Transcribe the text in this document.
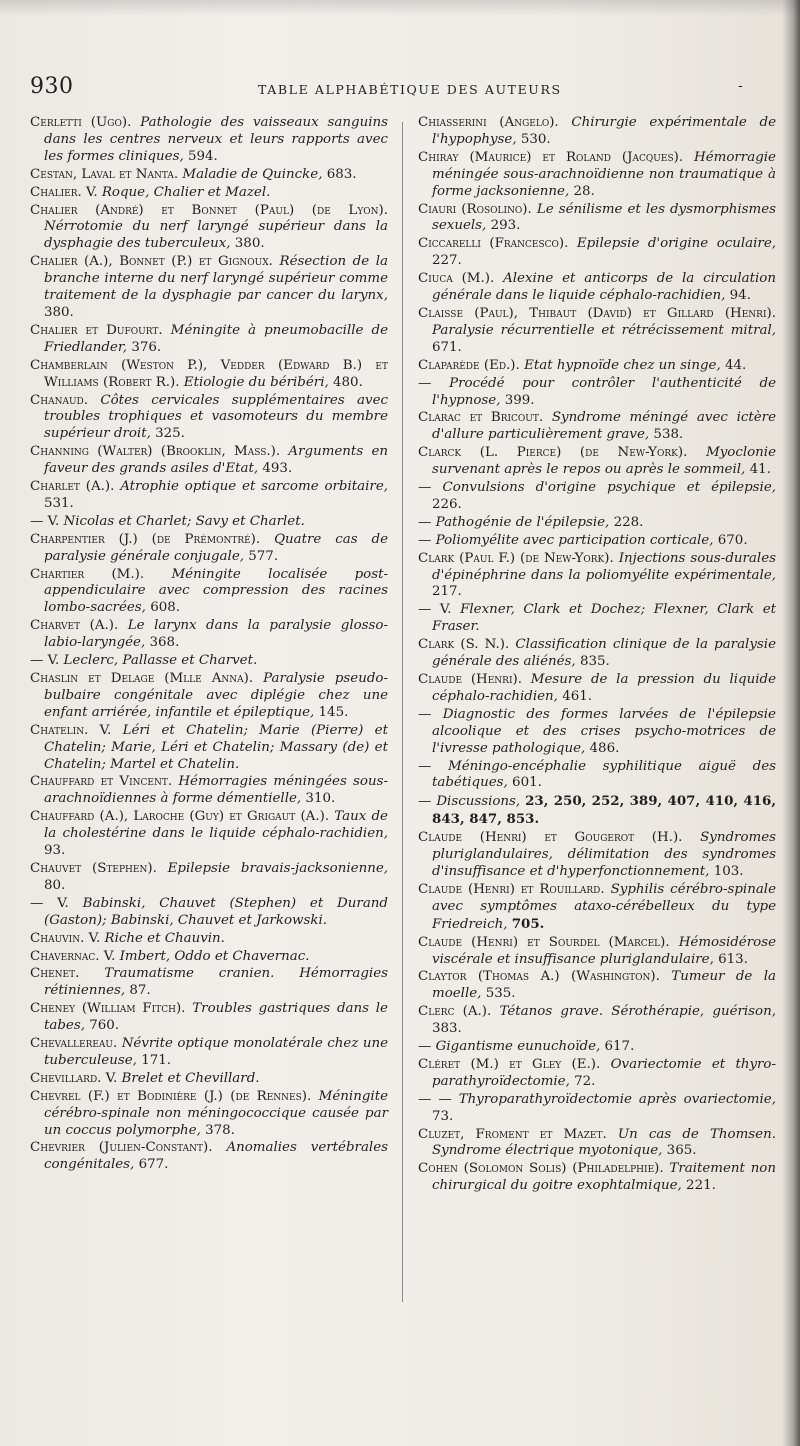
930	TABLE ALPHABÉTIQUE DES AUTEURS	-

Cerletti (Ugo). Pathologie des vaisseaux sanguins dans les centres nerveux et leurs rapports avec les formes cliniques, 594.

Cestan, Laval et Nanta. Maladie de Quincke, 683.

Chalier. V. Roque, Chalier et Mazel.

Chalier (André) et Bonnet (Paul) (de Lyon). Nérrotomie du nerf laryngé supérieur dans la dysphagie des tuberculeux, 380.

Chalier (A.), Bonnet (P.) et Gignoux. Résection de la branche interne du nerf laryngé supérieur comme traitement de la dysphagie par cancer du larynx, 380.

Chalier et Dufourt. Méningite à pneumobacille de Friedlander, 376.

Chamberlain (Weston P.), Vedder (Edward B.) et Williams (Robert R.). Etiologie du béribéri, 480.

Chanaud. Côtes cervicales supplémentaires avec troubles trophiques et vasomoteurs du membre supérieur droit, 325.

Channing (Walter) (Brooklin, Mass.). Arguments en faveur des grands asiles d'Etat, 493.

Charlet (A.). Atrophie optique et sarcome orbitaire, 531.

— V. Nicolas et Charlet; Savy et Charlet.

Charpentier (J.) (de Prémontré). Quatre cas de paralysie générale conjugale, 577.

Chartier (M.). Méningite localisée post-appendiculaire avec compression des racines lombo-sacrées, 608.

Charvet (A.). Le larynx dans la paralysie glosso-labio-laryngée, 368.

— V. Leclerc, Pallasse et Charvet.

Chaslin et Delage (Mlle Anna). Paralysie pseudo-bulbaire congénitale avec diplégie chez une enfant arriérée, infantile et épileptique, 145.

Chatelin. V. Léri et Chatelin; Marie (Pierre) et Chatelin; Marie, Léri et Chatelin; Massary (de) et Chatelin; Martel et Chatelin.

Chauffard et Vincent. Hémorragies méningées sous-arachnoïdiennes à forme démentielle, 310.

Chauffard (A.), Laroche (Guy) et Grigaut (A.). Taux de la cholestérine dans le liquide céphalo-rachidien, 93.

Chauvet (Stephen). Epilepsie bravais-jacksonienne, 80.

— V. Babinski, Chauvet (Stephen) et Durand (Gaston); Babinski, Chauvet et Jarkowski.

Chauvin. V. Riche et Chauvin.

Chavernac. V. Imbert, Oddo et Chavernac.

Chenet. Traumatisme cranien. Hémorragies rétiniennes, 87.

Cheney (William Fitch). Troubles gastriques dans le tabes, 760.

Chevallereau. Névrite optique monolatérale chez une tuberculeuse, 171.

Chevillard. V. Brelet et Chevillard.

Chevrel (F.) et Bodinière (J.) (de Rennes). Méningite cérébro-spinale non méningococcique causée par un coccus polymorphe, 378.

Chevrier (Julien-Constant). Anomalies vertébrales congénitales, 677.

Chiasserini (Angelo). Chirurgie expérimentale de l'hypophyse, 530.

Chiray (Maurice) et Roland (Jacques). Hémorragie méningée sous-arachnoïdienne non traumatique à forme jacksonienne, 28.

Ciauri (Rosolino). Le sénilisme et les dysmorphismes sexuels, 293.

Ciccarelli (Francesco). Epilepsie d'origine oculaire, 227.

Ciuca (M.). Alexine et anticorps de la circulation générale dans le liquide céphalo-rachidien, 94.

Claisse (Paul), Thibaut (David) et Gillard (Henri). Paralysie récurrentielle et rétrécissement mitral, 671.

Claparède (Ed.). Etat hypnoïde chez un singe, 44.

— Procédé pour contrôler l'authenticité de l'hypnose, 399.

Clarac et Bricout. Syndrome méningé avec ictère d'allure particulièrement grave, 538.

Clarck (L. Pierce) (de New-York). Myoclonie survenant après le repos ou après le sommeil, 41.

— Convulsions d'origine psychique et épilepsie, 226.

— Pathogénie de l'épilepsie, 228.

— Poliomyélite avec participation corticale, 670.

Clark (Paul F.) (de New-York). Injections sous-durales d'épinéphrine dans la poliomyélite expérimentale, 217.

— V. Flexner, Clark et Dochez; Flexner, Clark et Fraser.

Clark (S. N.). Classification clinique de la paralysie générale des aliénés, 835.

Claude (Henri). Mesure de la pression du liquide céphalo-rachidien, 461.

— Diagnostic des formes larvées de l'épilepsie alcoolique et des crises psycho-motrices de l'ivresse pathologique, 486.

— Méningo-encéphalie syphilitique aiguë des tabétiques, 601.

— Discussions, 23, 250, 252, 389, 407, 410, 416, 843, 847, 853.

Claude (Henri) et Gougerot (H.). Syndromes pluriglandulaires, délimitation des syndromes d'insuffisance et d'hyperfonctionnement, 103.

Claude (Henri) et Rouillard. Syphilis cérébro-spinale avec symptômes ataxo-cérébelleux du type Friedreich, 705.

Claude (Henri) et Sourdel (Marcel). Hémosidérose viscérale et insuffisance pluriglandulaire, 613.

Claytor (Thomas A.) (Washington). Tumeur de la moelle, 535.

Clerc (A.). Tétanos grave. Sérothérapie, guérison, 383.

— Gigantisme eunuchoïde, 617.

Cléret (M.) et Gley (E.). Ovariectomie et thyro-parathyroïdectomie, 72.

— — Thyroparathyroïdectomie après ovariectomie, 73.

Cluzet, Froment et Mazet. Un cas de Thomsen. Syndrome électrique myotonique, 365.

Cohen (Solomon Solis) (Philadelphie). Traitement non chirurgical du goitre exophtalmique, 221.
